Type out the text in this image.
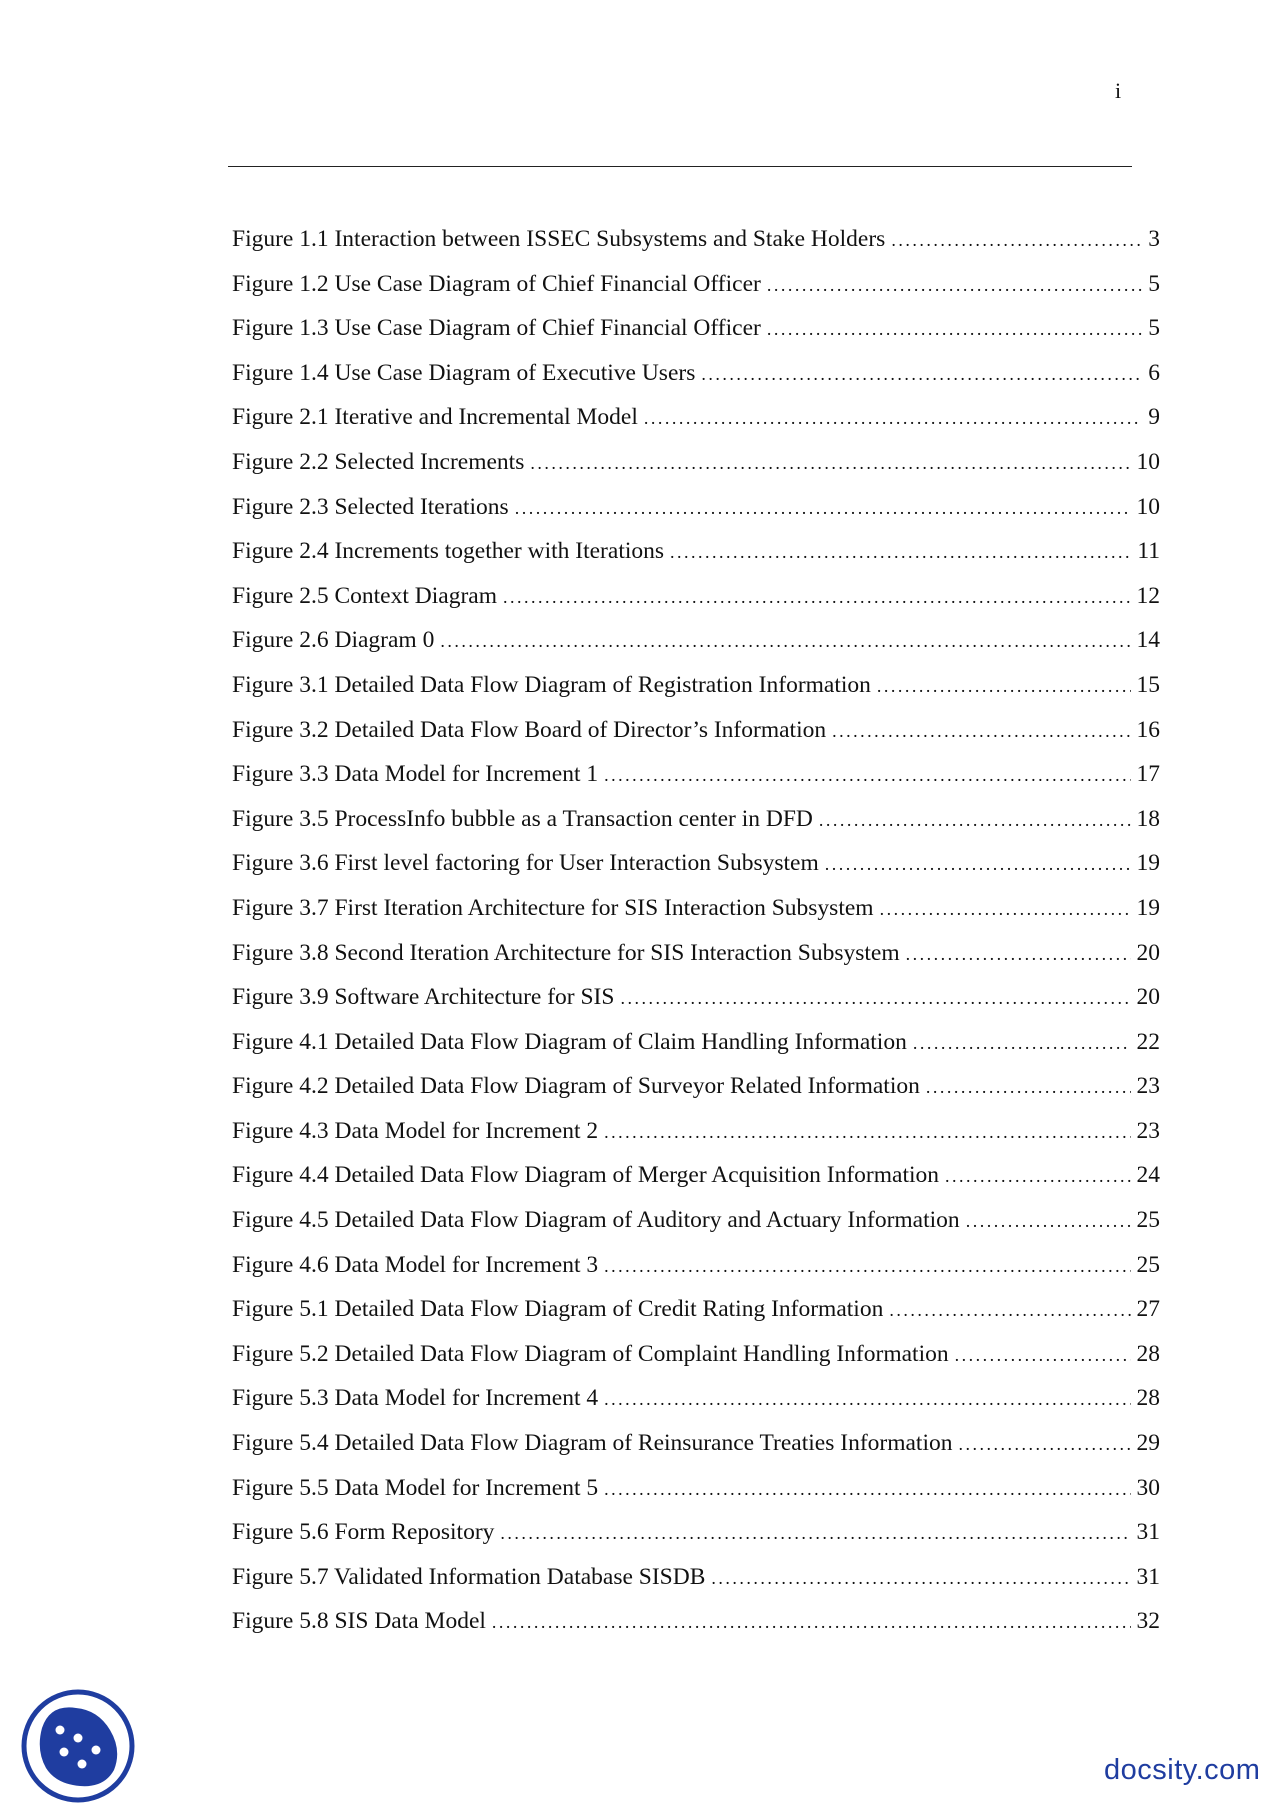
i
Figure 1.1 Interaction between ISSEC Subsystems and Stake Holders . . .	3
Figure 1.2 Use Case Diagram of Chief Financial Officer . . .	5
Figure 1.3 Use Case Diagram of Chief Financial Officer . . .	5
Figure 1.4 Use Case Diagram of Executive Users . . .	6
Figure 2.1 Iterative and Incremental Model . . .	9
Figure 2.2 Selected Increments . . .	10
Figure 2.3 Selected Iterations . . .	10
Figure 2.4 Increments together with Iterations . . .	11
Figure 2.5 Context Diagram . . .	12
Figure 2.6 Diagram 0 . . .	14
Figure 3.1 Detailed Data Flow Diagram of Registration Information . . .	15
Figure 3.2 Detailed Data Flow Board of Director’s Information . . .	16
Figure 3.3 Data Model for Increment 1 . . .	17
Figure 3.5 ProcessInfo bubble as a Transaction center in DFD . . .	18
Figure 3.6 First level factoring for User Interaction Subsystem . . .	19
Figure 3.7 First Iteration Architecture for SIS Interaction Subsystem . . .	19
Figure 3.8 Second Iteration Architecture for SIS Interaction Subsystem . . .	20
Figure 3.9 Software Architecture for SIS . . .	20
Figure 4.1 Detailed Data Flow Diagram of Claim Handling Information . . .	22
Figure 4.2 Detailed Data Flow Diagram of Surveyor Related Information . . .	23
Figure 4.3 Data Model for Increment 2 . . .	23
Figure 4.4 Detailed Data Flow Diagram of Merger Acquisition Information . . .	24
Figure 4.5 Detailed Data Flow Diagram of Auditory and Actuary Information . . .	25
Figure 4.6 Data Model for Increment 3 . . .	25
Figure 5.1 Detailed Data Flow Diagram of Credit Rating Information . . .	27
Figure 5.2 Detailed Data Flow Diagram of Complaint Handling Information . . .	28
Figure 5.3 Data Model for Increment 4 . . .	28
Figure 5.4 Detailed Data Flow Diagram of Reinsurance Treaties Information . . .	29
Figure 5.5 Data Model for Increment 5 . . .	30
Figure 5.6 Form Repository . . .	31
Figure 5.7 Validated Information Database SISDB . . .	31
Figure 5.8 SIS Data Model . . .	32
docsity.com
